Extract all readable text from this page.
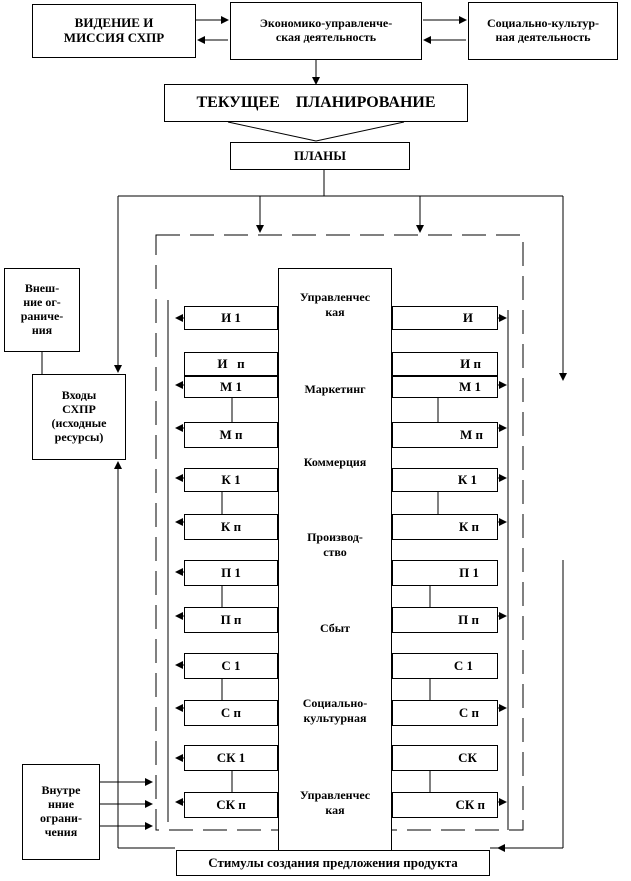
ВИДЕНИЕ И
МИССИЯ СХПР
Экономико-управленче-
ская деятельность
Социально-культур-
ная деятельность
ТЕКУЩЕЕ    ПЛАНИРОВАНИЕ
ПЛАНЫ
Внеш-
ние ог-
раниче-
ния
Входы
СХПР
(исходные
ресурсы)
Внутре
нние
ограни-
чения
Управленчес
кая
Маркетинг
Коммерция
Производ-
ство
Сбыт
Социально-
культурная
Управленчес
кая
И 1
И   п
М 1
М п
К 1
К п
П 1
П п
С 1
С п
СК 1
СК п
И
И п
М 1
М п
К 1
К п
П 1
П п
С 1
С п
СК
СК п
Стимулы создания предложения продукта
